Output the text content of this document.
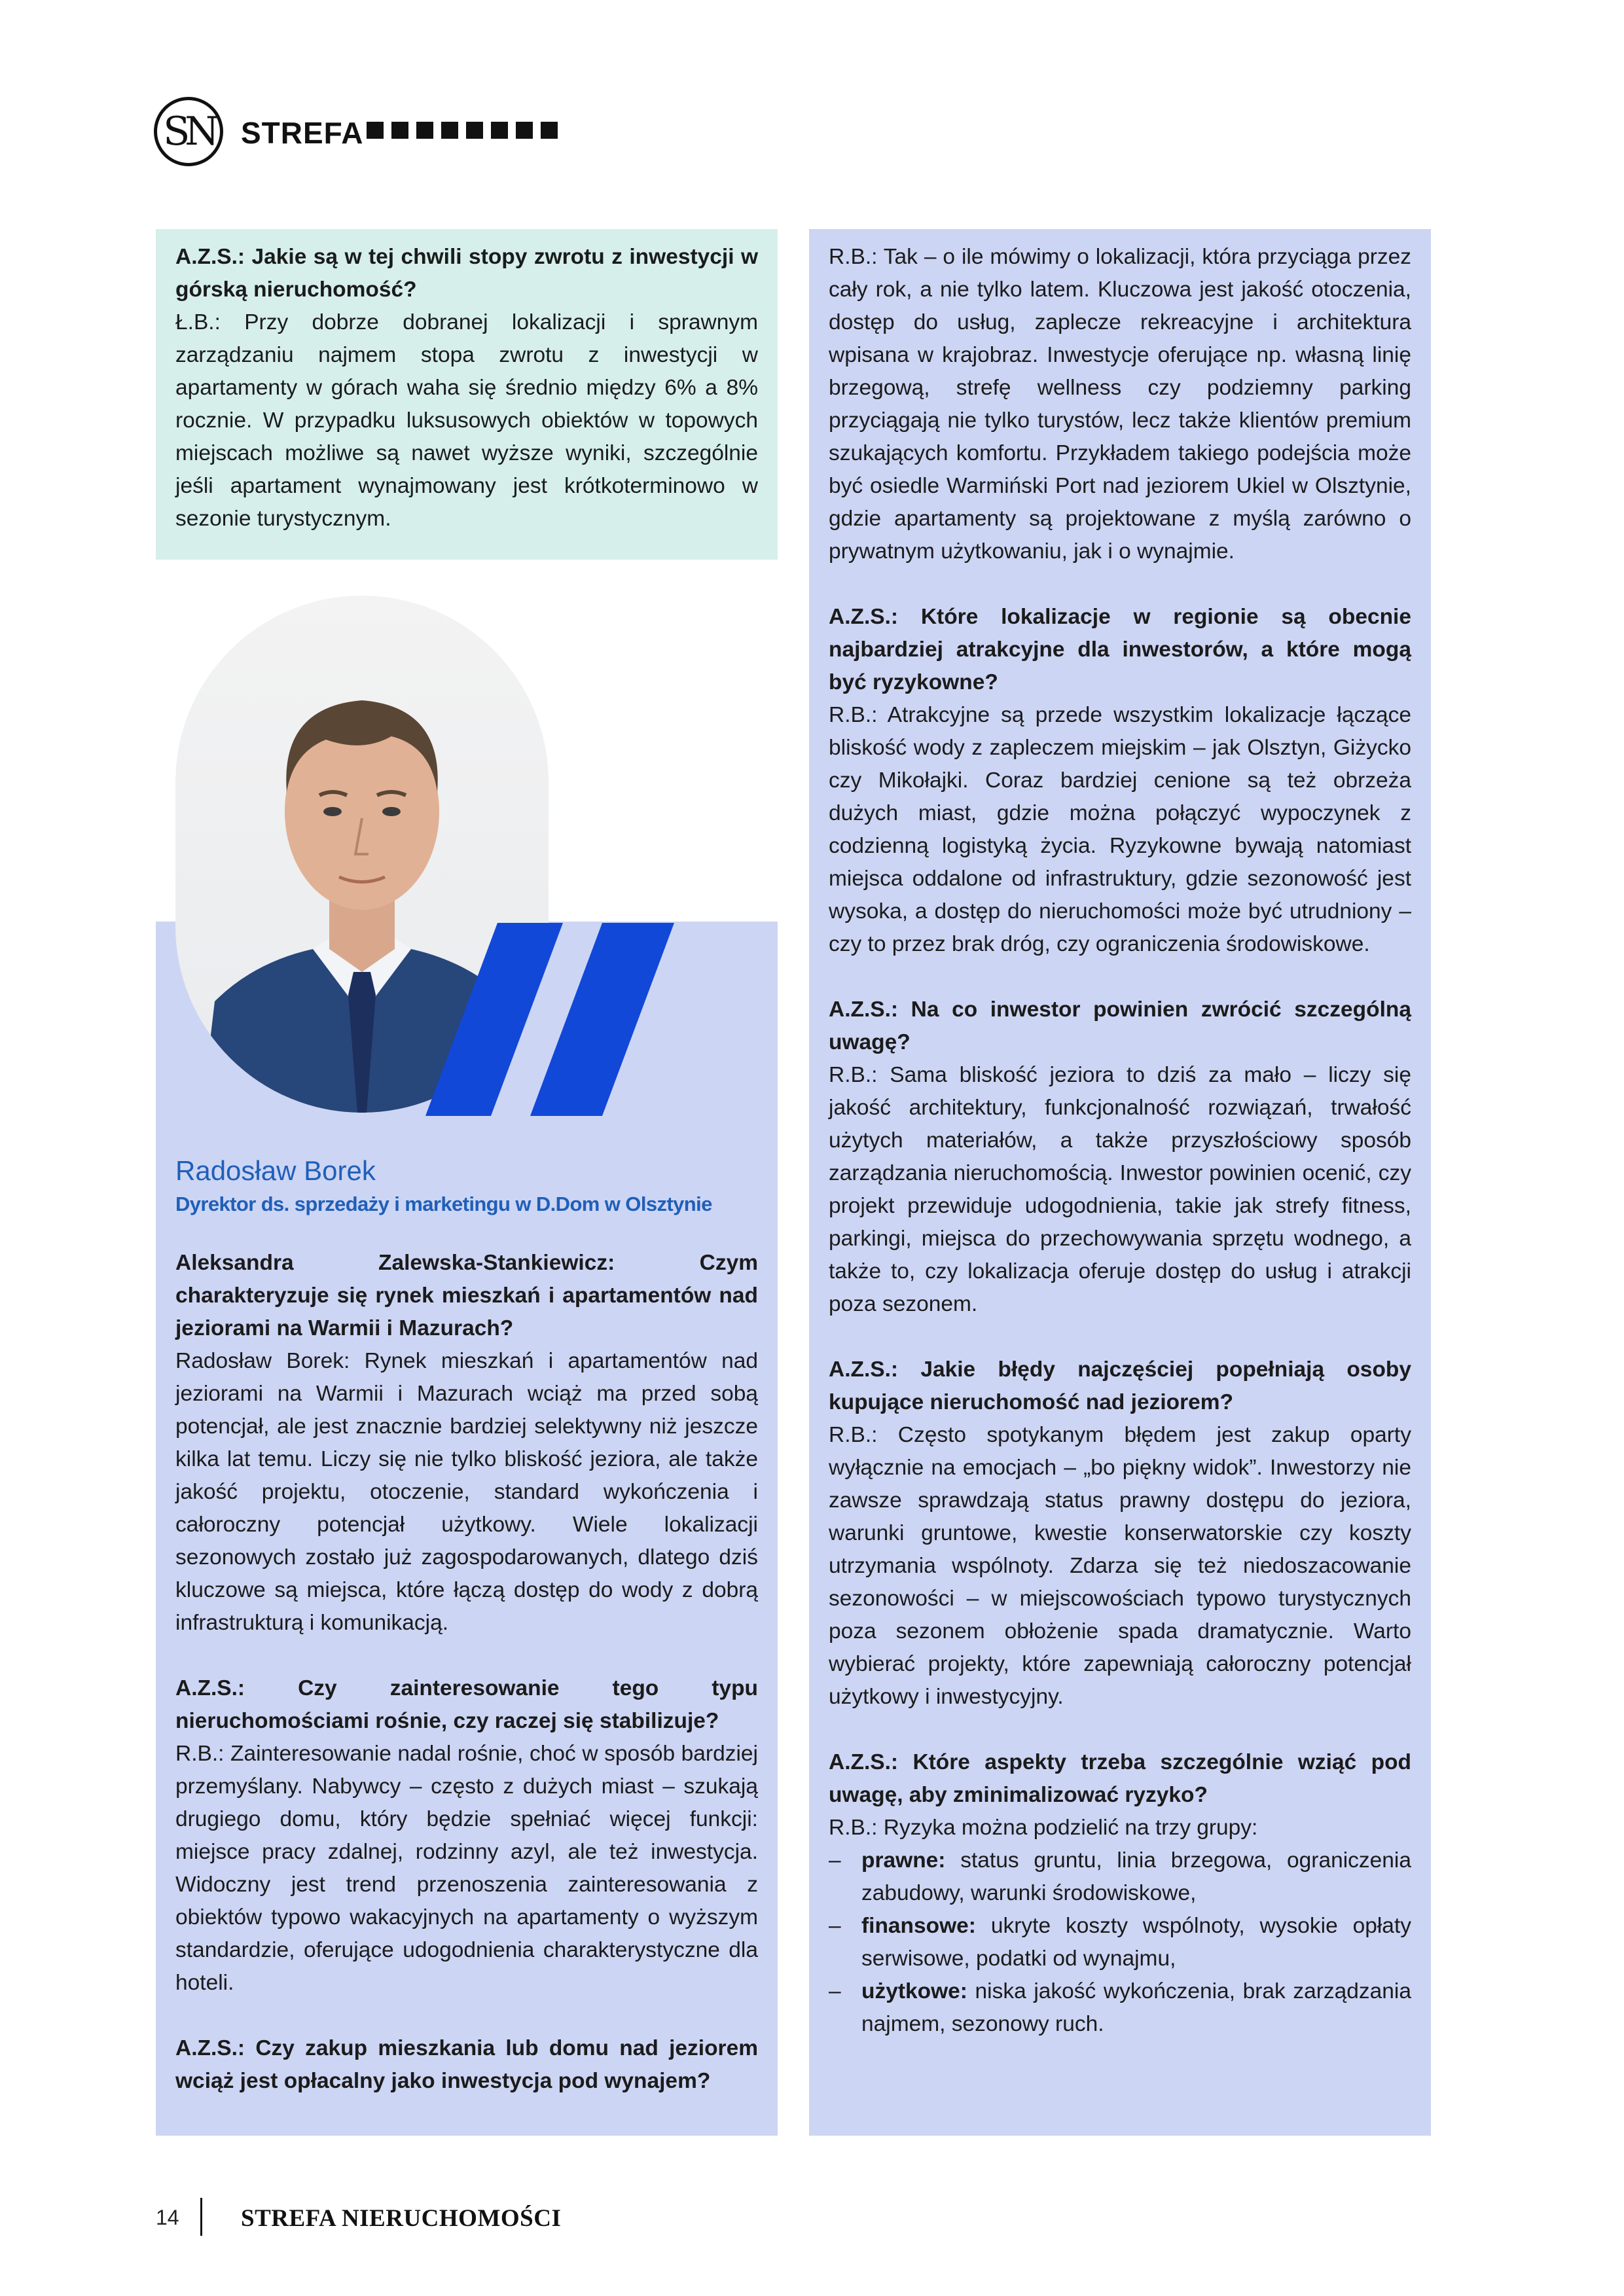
SN STREFA

A.Z.S.: Jakie są w tej chwili stopy zwrotu z inwestycji w górską nieruchomość?

Ł.B.: Przy dobrze dobranej lokalizacji i sprawnym zarządzaniu najmem stopa zwrotu z inwestycji w apartamenty w górach waha się średnio między 6% a 8% rocznie. W przypadku luksusowych obiektów w topowych miejscach możliwe są nawet wyższe wyniki, szczególnie jeśli apartament wynajmowany jest krótkoterminowo w sezonie turystycznym.

Radosław Borek
Dyrektor ds. sprzedaży i marketingu w D.Dom w Olsztynie

Aleksandra Zalewska-Stankiewicz: Czym charakteryzuje się rynek mieszkań i apartamentów nad jeziorami na Warmii i Mazurach?

Radosław Borek: Rynek mieszkań i apartamentów nad jeziorami na Warmii i Mazurach wciąż ma przed sobą potencjał, ale jest znacznie bardziej selektywny niż jeszcze kilka lat temu. Liczy się nie tylko bliskość jeziora, ale także jakość projektu, otoczenie, standard wykończenia i całoroczny potencjał użytkowy. Wiele lokalizacji sezonowych zostało już zagospodarowanych, dlatego dziś kluczowe są miejsca, które łączą dostęp do wody z dobrą infrastrukturą i komunikacją.

A.Z.S.: Czy zainteresowanie tego typu nieruchomościami rośnie, czy raczej się stabilizuje?

R.B.: Zainteresowanie nadal rośnie, choć w sposób bardziej przemyślany. Nabywcy – często z dużych miast – szukają drugiego domu, który będzie spełniać więcej funkcji: miejsce pracy zdalnej, rodzinny azyl, ale też inwestycja. Widoczny jest trend przenoszenia zainteresowania z obiektów typowo wakacyjnych na apartamenty o wyższym standardzie, oferujące udogodnienia charakterystyczne dla hoteli.

A.Z.S.: Czy zakup mieszkania lub domu nad jeziorem wciąż jest opłacalny jako inwestycja pod wynajem?

R.B.: Tak – o ile mówimy o lokalizacji, która przyciąga przez cały rok, a nie tylko latem. Kluczowa jest jakość otoczenia, dostęp do usług, zaplecze rekreacyjne i architektura wpisana w krajobraz. Inwestycje oferujące np. własną linię brzegową, strefę wellness czy podziemny parking przyciągają nie tylko turystów, lecz także klientów premium szukających komfortu. Przykładem takiego podejścia może być osiedle Warmiński Port nad jeziorem Ukiel w Olsztynie, gdzie apartamenty są projektowane z myślą zarówno o prywatnym użytkowaniu, jak i o wynajmie.

A.Z.S.: Które lokalizacje w regionie są obecnie najbardziej atrakcyjne dla inwestorów, a które mogą być ryzykowne?

R.B.: Atrakcyjne są przede wszystkim lokalizacje łączące bliskość wody z zapleczem miejskim – jak Olsztyn, Giżycko czy Mikołajki. Coraz bardziej cenione są też obrzeża dużych miast, gdzie można połączyć wypoczynek z codzienną logistyką życia. Ryzykowne bywają natomiast miejsca oddalone od infrastruktury, gdzie sezonowość jest wysoka, a dostęp do nieruchomości może być utrudniony – czy to przez brak dróg, czy ograniczenia środowiskowe.

A.Z.S.: Na co inwestor powinien zwrócić szczególną uwagę?

R.B.: Sama bliskość jeziora to dziś za mało – liczy się jakość architektury, funkcjonalność rozwiązań, trwałość użytych materiałów, a także przyszłościowy sposób zarządzania nieruchomością. Inwestor powinien ocenić, czy projekt przewiduje udogodnienia, takie jak strefy fitness, parkingi, miejsca do przechowywania sprzętu wodnego, a także to, czy lokalizacja oferuje dostęp do usług i atrakcji poza sezonem.

A.Z.S.: Jakie błędy najczęściej popełniają osoby kupujące nieruchomość nad jeziorem?

R.B.: Często spotykanym błędem jest zakup oparty wyłącznie na emocjach – „bo piękny widok”. Inwestorzy nie zawsze sprawdzają status prawny dostępu do jeziora, warunki gruntowe, kwestie konserwatorskie czy koszty utrzymania wspólnoty. Zdarza się też niedoszacowanie sezonowości – w miejscowościach typowo turystycznych poza sezonem obłożenie spada dramatycznie. Warto wybierać projekty, które zapewniają całoroczny potencjał użytkowy i inwestycyjny.

A.Z.S.: Które aspekty trzeba szczególnie wziąć pod uwagę, aby zminimalizować ryzyko?

R.B.: Ryzyka można podzielić na trzy grupy:

– prawne: status gruntu, linia brzegowa, ograniczenia zabudowy, warunki środowiskowe,
– finansowe: ukryte koszty wspólnoty, wysokie opłaty serwisowe, podatki od wynajmu,
– użytkowe: niska jakość wykończenia, brak zarządzania najmem, sezonowy ruch.
14	STREFA NIERUCHOMOŚCI
